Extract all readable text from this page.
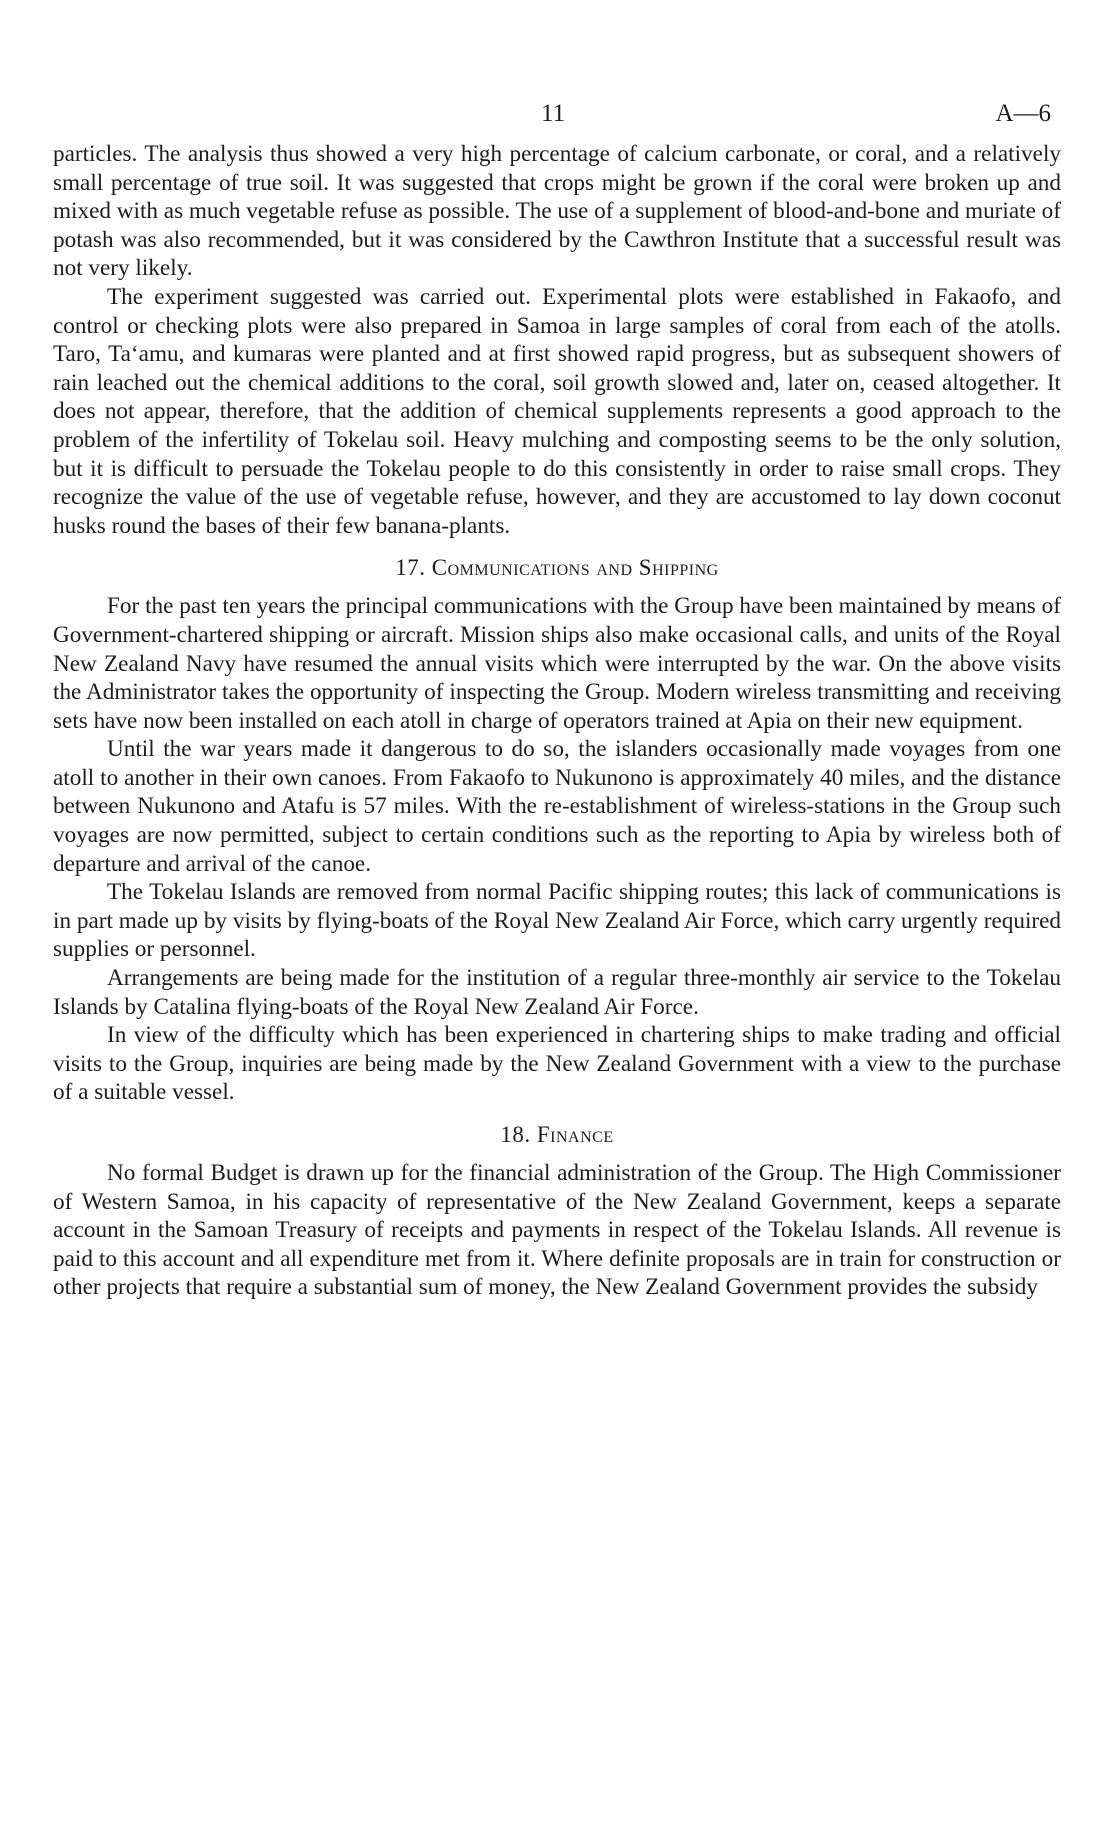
11	A—6

particles. The analysis thus showed a very high percentage of calcium carbonate, or coral, and a relatively small percentage of true soil. It was suggested that crops might be grown if the coral were broken up and mixed with as much vegetable refuse as possible. The use of a supplement of blood-and-bone and muriate of potash was also recommended, but it was considered by the Cawthron Institute that a successful result was not very likely.

The experiment suggested was carried out. Experimental plots were established in Fakaofo, and control or checking plots were also prepared in Samoa in large samples of coral from each of the atolls. Taro, Ta‘amu, and kumaras were planted and at first showed rapid progress, but as subsequent showers of rain leached out the chemical additions to the coral, soil growth slowed and, later on, ceased altogether. It does not appear, therefore, that the addition of chemical supplements represents a good approach to the problem of the infertility of Tokelau soil. Heavy mulching and composting seems to be the only solution, but it is difficult to persuade the Tokelau people to do this consistently in order to raise small crops. They recognize the value of the use of vegetable refuse, however, and they are accustomed to lay down coconut husks round the bases of their few banana-plants.

17. Communications and Shipping

For the past ten years the principal communications with the Group have been maintained by means of Government-chartered shipping or aircraft. Mission ships also make occasional calls, and units of the Royal New Zealand Navy have resumed the annual visits which were interrupted by the war. On the above visits the Administrator takes the opportunity of inspecting the Group. Modern wireless transmitting and receiving sets have now been installed on each atoll in charge of operators trained at Apia on their new equipment.

Until the war years made it dangerous to do so, the islanders occasionally made voyages from one atoll to another in their own canoes. From Fakaofo to Nukunono is approximately 40 miles, and the distance between Nukunono and Atafu is 57 miles. With the re-establishment of wireless-stations in the Group such voyages are now permitted, subject to certain conditions such as the reporting to Apia by wireless both of departure and arrival of the canoe.

The Tokelau Islands are removed from normal Pacific shipping routes; this lack of communications is in part made up by visits by flying-boats of the Royal New Zealand Air Force, which carry urgently required supplies or personnel.

Arrangements are being made for the institution of a regular three-monthly air service to the Tokelau Islands by Catalina flying-boats of the Royal New Zealand Air Force.

In view of the difficulty which has been experienced in chartering ships to make trading and official visits to the Group, inquiries are being made by the New Zealand Government with a view to the purchase of a suitable vessel.

18. Finance

No formal Budget is drawn up for the financial administration of the Group. The High Commissioner of Western Samoa, in his capacity of representative of the New Zealand Government, keeps a separate account in the Samoan Treasury of receipts and payments in respect of the Tokelau Islands. All revenue is paid to this account and all expenditure met from it. Where definite proposals are in train for construction or other projects that require a substantial sum of money, the New Zealand Government provides the subsidy
